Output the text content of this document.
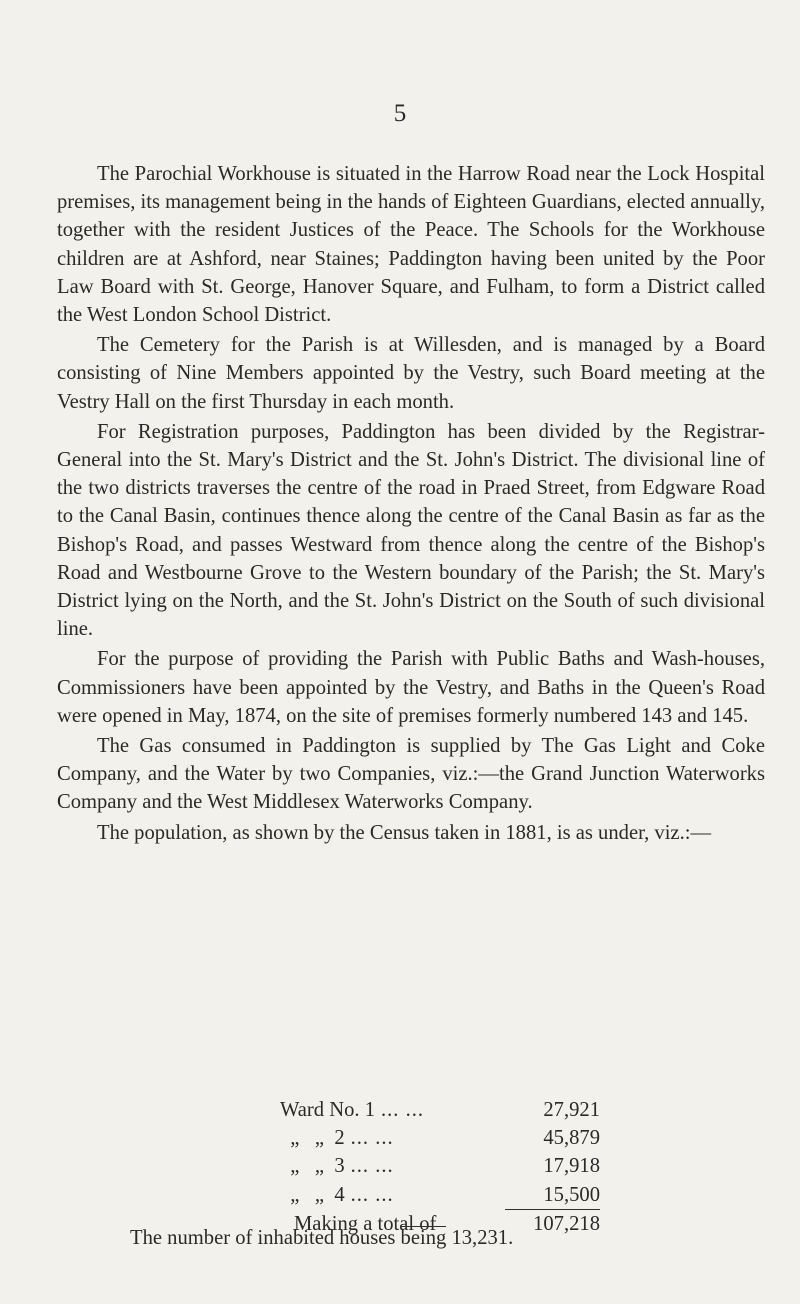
5

The Parochial Workhouse is situated in the Harrow Road near the Lock Hospital premises, its management being in the hands of Eighteen Guardians, elected annually, together with the resident Justices of the Peace. The Schools for the Workhouse children are at Ashford, near Staines; Paddington having been united by the Poor Law Board with St. George, Hanover Square, and Fulham, to form a District called the West London School District.

The Cemetery for the Parish is at Willesden, and is managed by a Board consisting of Nine Members appointed by the Vestry, such Board meeting at the Vestry Hall on the first Thursday in each month.

For Registration purposes, Paddington has been divided by the Registrar-General into the St. Mary's District and the St. John's District. The divisional line of the two districts traverses the centre of the road in Praed Street, from Edgware Road to the Canal Basin, continues thence along the centre of the Canal Basin as far as the Bishop's Road, and passes Westward from thence along the centre of the Bishop's Road and Westbourne Grove to the Western boundary of the Parish; the St. Mary's District lying on the North, and the St. John's District on the South of such divisional line.

For the purpose of providing the Parish with Public Baths and Wash-houses, Commissioners have been appointed by the Vestry, and Baths in the Queen's Road were opened in May, 1874, on the site of premises formerly numbered 143 and 145.

The Gas consumed in Paddington is supplied by The Gas Light and Coke Company, and the Water by two Companies, viz.:—the Grand Junction Waterworks Company and the West Middlesex Waterworks Company.

The population, as shown by the Census taken in 1881, is as under, viz.:—

Ward No. 1 ... ...	27,921
„   „  2 ... ...	45,879
„   „  3 ... ...	17,918
„   „  4 ... ...	15,500
Making a total of	107,218
The number of inhabited houses being 13,231.
